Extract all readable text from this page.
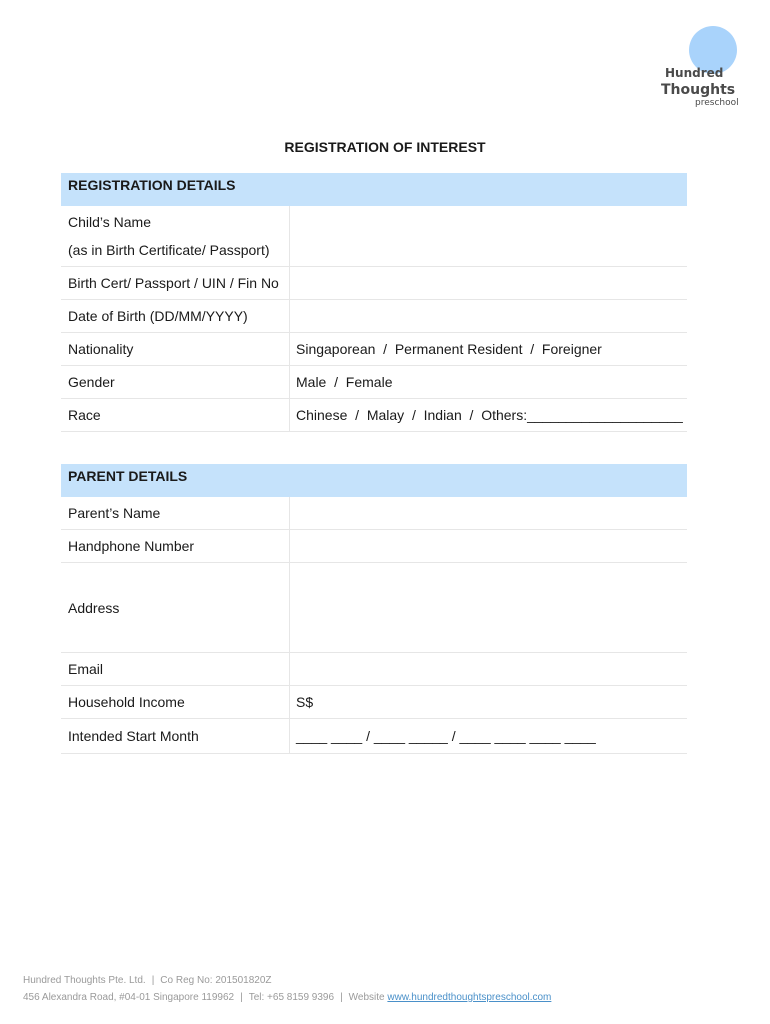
Hundred
Thoughts
preschool
REGISTRATION OF INTEREST
REGISTRATION DETAILS
Child’s Name
(as in Birth Certificate/ Passport)
Birth Cert/ Passport / UIN / Fin No
Date of Birth (DD/MM/YYYY)
Nationality	Singaporean  /  Permanent Resident  /  Foreigner
Gender	Male  /  Female
Race	Chinese  /  Malay  /  Indian  /  Others:____________________
PARENT DETAILS
Parent’s Name
Handphone Number
Address
Email
Household Income	S$
Intended Start Month	____ ____ / ____ _____ / ____ ____ ____ ____
Hundred Thoughts Pte. Ltd. | Co Reg No: 201501820Z
456 Alexandra Road, #04-01 Singapore 119962 | Tel: +65 8159 9396 | Website www.hundredthoughtspreschool.com
